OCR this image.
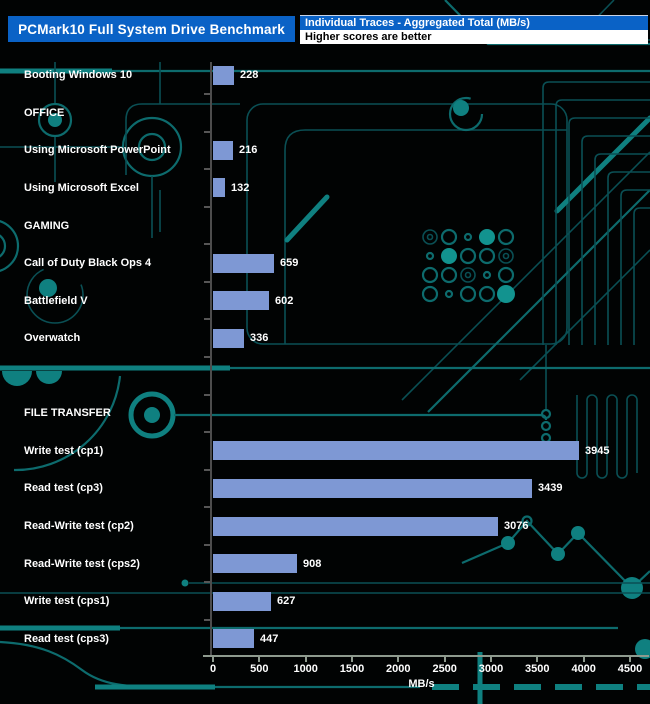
PCMark10 Full System Drive Benchmark	Individual Traces - Aggregated Total (MB/s)
Higher scores are better
Booting Windows 10	228
OFFICE
Using Microsoft PowerPoint	216
Using Microsoft Excel	132
GAMING
Call of Duty Black Ops 4	659
Battlefield V	602
Overwatch	336
FILE TRANSFER
Write test (cp1)	3945
Read test (cp3)	3439
Read-Write test (cp2)	3076
Read-Write test (cps2)	908
Write test (cps1)	627
Read test (cps3)	447
0	500 1000 1500 2000 2500 3000 3500 4000 4500
MB/s
